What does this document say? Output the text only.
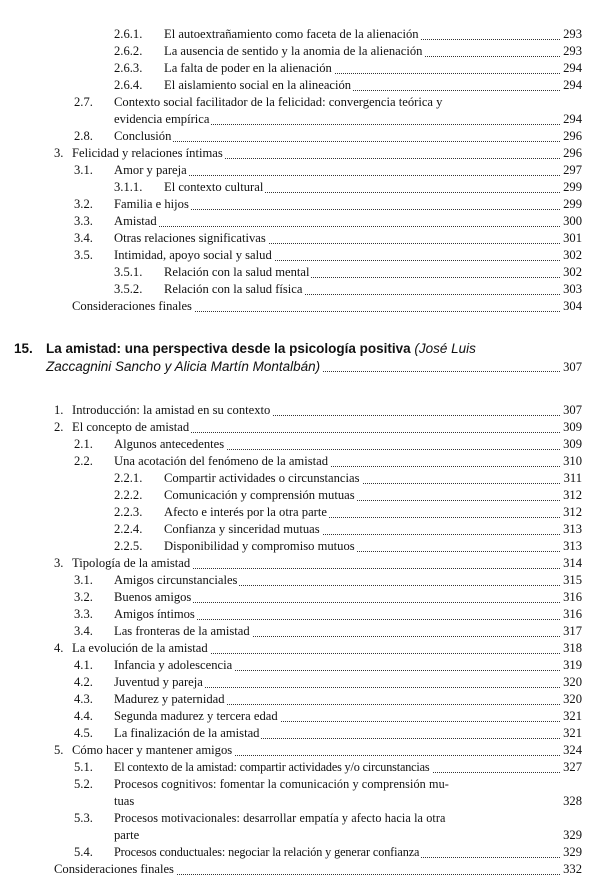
2.6.1. El autoextrañamiento como faceta de la alienación	293
2.6.2. La ausencia de sentido y la anomia de la alienación	293
2.6.3. La falta de poder en la alienación	294
2.6.4. El aislamiento social en la alineación	294
2.7. Contexto social facilitador de la felicidad: convergencia teórica y
evidencia empírica	294
2.8. Conclusión	296
3. Felicidad y relaciones íntimas	296
3.1. Amor y pareja	297
3.1.1. El contexto cultural	299
3.2. Familia e hijos	299
3.3. Amistad	300
3.4. Otras relaciones significativas	301
3.5. Intimidad, apoyo social y salud	302
3.5.1. Relación con la salud mental	302
3.5.2. Relación con la salud física	303
Consideraciones finales	304
15. La amistad: una perspectiva desde la psicología positiva (José Luis
Zaccagnini Sancho y Alicia Martín Montalbán)	307
1. Introducción: la amistad en su contexto	307
2. El concepto de amistad	309
2.1. Algunos antecedentes	309
2.2. Una acotación del fenómeno de la amistad	310
2.2.1. Compartir actividades o circunstancias	311
2.2.2. Comunicación y comprensión mutuas	312
2.2.3. Afecto e interés por la otra parte	312
2.2.4. Confianza y sinceridad mutuas	313
2.2.5. Disponibilidad y compromiso mutuos	313
3. Tipología de la amistad	314
3.1. Amigos circunstanciales	315
3.2. Buenos amigos	316
3.3. Amigos íntimos	316
3.4. Las fronteras de la amistad	317
4. La evolución de la amistad	318
4.1. Infancia y adolescencia	319
4.2. Juventud y pareja	320
4.3. Madurez y paternidad	320
4.4. Segunda madurez y tercera edad	321
4.5. La finalización de la amistad	321
5. Cómo hacer y mantener amigos	324
5.1. El contexto de la amistad: compartir actividades y/o circunstancias	327
5.2. Procesos cognitivos: fomentar la comunicación y comprensión mu-
tuas	328
5.3. Procesos motivacionales: desarrollar empatía y afecto hacia la otra
parte	329
5.4. Procesos conductuales: negociar la relación y generar confianza	329
Consideraciones finales	332
